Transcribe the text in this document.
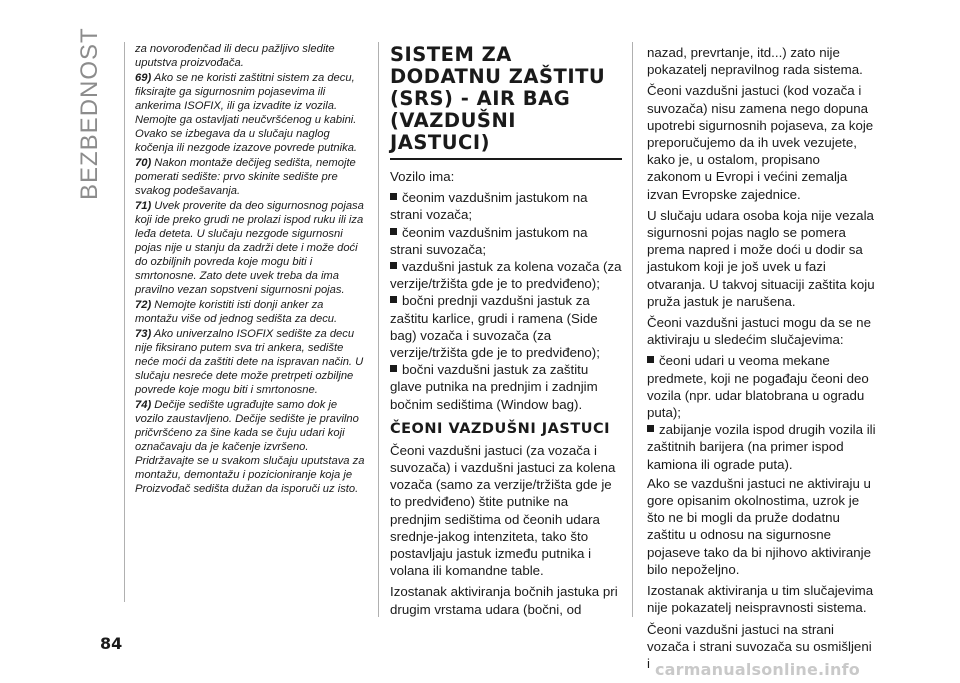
BEZBEDNOST	za novorođenčad ili decu pažljivo sledite uputstva proizvođača.

69) Ako se ne koristi zaštitni sistem za decu, fiksirajte ga sigurnosnim pojasevima ili ankerima ISOFIX, ili ga izvadite iz vozila. Nemojte ga ostavljati neučvršćenog u kabini. Ovako se izbegava da u slučaju naglog kočenja ili nezgode izazove povrede putnika.

70) Nakon montaže dečijeg sedišta, nemojte pomerati sedište: prvo skinite sedište pre svakog podešavanja.

71) Uvek proverite da deo sigurnosnog pojasa koji ide preko grudi ne prolazi ispod ruku ili iza leđa deteta. U slučaju nezgode sigurnosni pojas nije u stanju da zadrži dete i može doći do ozbiljnih povreda koje mogu biti i smrtonosne. Zato dete uvek treba da ima pravilno vezan sopstveni sigurnosni pojas.

72) Nemojte koristiti isti donji anker za montažu više od jednog sedišta za decu.

73) Ako univerzalno ISOFIX sedište za decu nije fiksirano putem sva tri ankera, sedište neće moći da zaštiti dete na ispravan način. U slučaju nesreće dete može pretrpeti ozbiljne povrede koje mogu biti i smrtonosne.

74) Dečije sedište ugrađujte samo dok je vozilo zaustavljeno. Dečije sedište je pravilno pričvršćeno za šine kada se čuju udari koji označavaju da je kačenje izvršeno. Pridržavajte se u svakom slučaju uputstava za montažu, demontažu i pozicioniranje koja je Proizvođač sedišta dužan da isporuči uz isto.

SISTEM ZA DODATNU ZAŠTITU (SRS) - AIR BAG (VAZDUŠNI JASTUCI)

Vozilo ima:

čeonim vazdušnim jastukom na strani vozača;
čeonim vazdušnim jastukom na strani suvozača;
vazdušni jastuk za kolena vozača (za verzije/tržišta gde je to predviđeno);
bočni prednji vazdušni jastuk za zaštitu karlice, grudi i ramena (Side bag) vozača i suvozača (za verzije/tržišta gde je to predviđeno);
bočni vazdušni jastuk za zaštitu glave putnika na prednjim i zadnjim bočnim sedištima (Window bag).
ČEONI VAZDUŠNI JASTUCI

Čeoni vazdušni jastuci (za vozača i suvozača) i vazdušni jastuci za kolena vozača (samo za verzije/tržišta gde je to predviđeno) štite putnike na prednjim sedištima od čeonih udara srednje-jakog intenziteta, tako što postavljaju jastuk između putnika i volana ili komandne table.

Izostanak aktiviranja bočnih jastuka pri drugim vrstama udara (bočni, od

nazad, prevrtanje, itd...) zato nije pokazatelj nepravilnog rada sistema.

Čeoni vazdušni jastuci (kod vozača i suvozača) nisu zamena nego dopuna upotrebi sigurnosnih pojaseva, za koje preporučujemo da ih uvek vezujete, kako je, u ostalom, propisano zakonom u Evropi i većini zemalja izvan Evropske zajednice.

U slučaju udara osoba koja nije vezala sigurnosni pojas naglo se pomera prema napred i može doći u dodir sa jastukom koji je još uvek u fazi otvaranja. U takvoj situaciji zaštita koju pruža jastuk je narušena.

Čeoni vazdušni jastuci mogu da se ne aktiviraju u sledećim slučajevima:

čeoni udari u veoma mekane predmete, koji ne pogađaju čeoni deo vozila (npr. udar blatobrana u ogradu puta);
zabijanje vozila ispod drugih vozila ili zaštitnih barijera (na primer ispod kamiona ili ograde puta).

Ako se vazdušni jastuci ne aktiviraju u gore opisanim okolnostima, uzrok je što ne bi mogli da pruže dodatnu zaštitu u odnosu na sigurnosne pojaseve tako da bi njihovo aktiviranje bilo nepoželjno.

Izostanak aktiviranja u tim slučajevima nije pokazatelj neispravnosti sistema.

Čeoni vazdušni jastuci na strani vozača i strani suvozača su osmišljeni i

84
carmanualsonline.info
